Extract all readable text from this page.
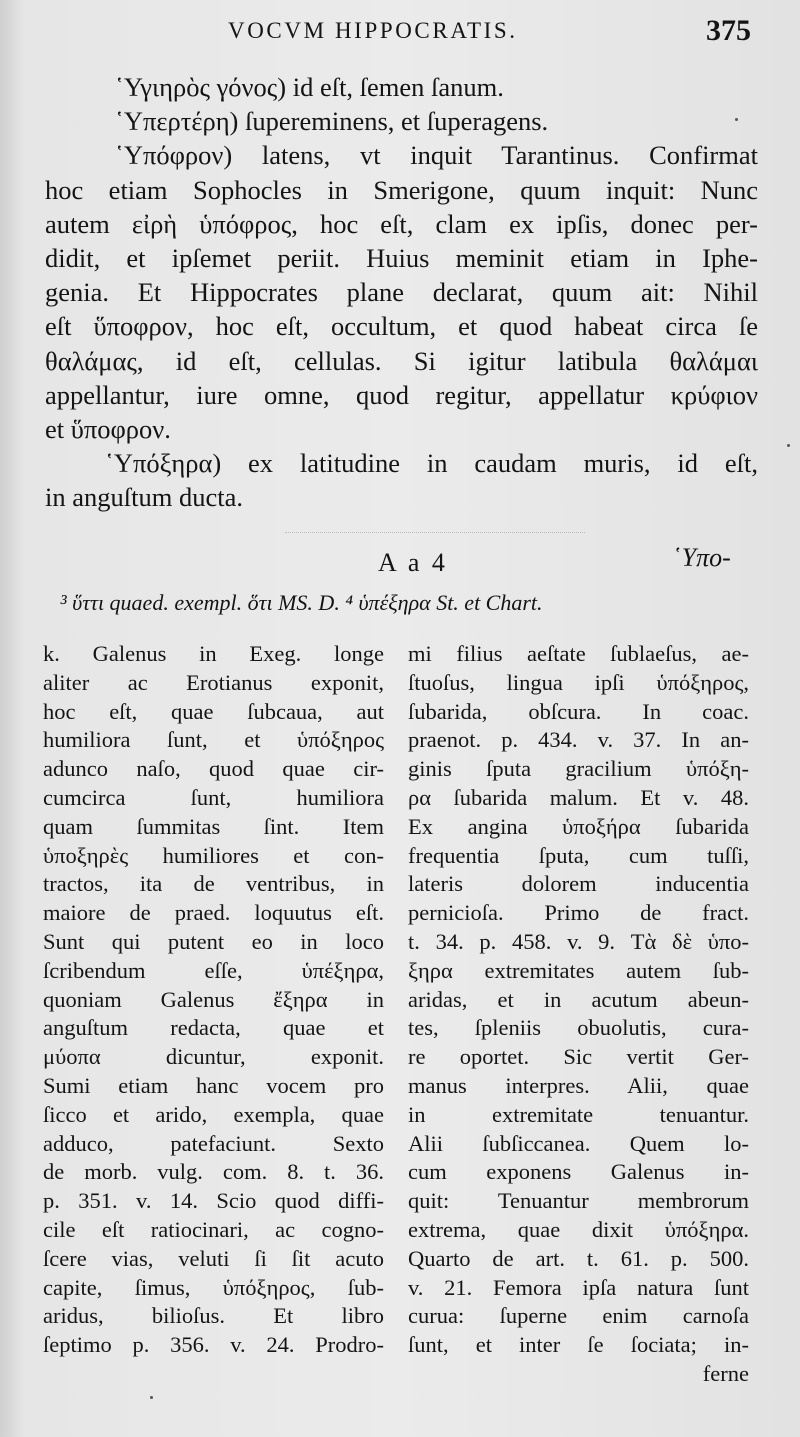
VOCVM HIPPOCRATIS.	375
῾Υγιηρὸς γόνος) id eſt, ſemen ſanum.
῾Υπερτέρη) ſupereminens, et ſuperagens.
῾Υπόφρον) latens, vt inquit Tarantinus. Confirmat
hoc etiam Sophocles in Smerigone, quum inquit: Nunc
autem εἰρὴ ὑπόφρος, hoc eſt, clam ex ipſis, donec per-
didit, et ipſemet periit. Huius meminit etiam in Iphe-
genia. Et Hippocrates plane declarat, quum ait: Nihil
eſt ὕποφρον, hoc eſt, occultum, et quod habeat circa ſe
θαλάμας, id eſt, cellulas. Si igitur latibula θαλάμαι
appellantur, iure omne, quod regitur, appellatur κρύφιον
et ὕποφρον.
῾Υπόξηρα) ex latitudine in caudam muris, id eſt,
in anguſtum ducta.
A a 4	῾Υπο-
³ ὕττι quaed. exempl. ὅτι MS. D. ⁴ ὑπέξηρα St. et Chart.
k. Galenus in Exeg. longe
aliter ac Erotianus exponit,
hoc eſt, quae ſubcaua, aut
humiliora ſunt, et ὑπόξηρος
adunco naſo, quod quae cir-
cumcirca ſunt, humiliora
quam ſummitas ſint. Item
ὑποξηρὲς humiliores et con-
tractos, ita de ventribus, in
maiore de praed. loquutus eſt.
Sunt qui putent eo in loco
ſcribendum eſſe, ὑπέξηρα,
quoniam Galenus ἔξηρα in
anguſtum redacta, quae et
μύοπα dicuntur, exponit.
Sumi etiam hanc vocem pro
ſicco et arido, exempla, quae
adduco, patefaciunt. Sexto
de morb. vulg. com. 8. t. 36.
p. 351. v. 14. Scio quod diffi-
cile eſt ratiocinari, ac cogno-
ſcere vias, veluti ſi ſit acuto
capite, ſimus, ὑπόξηρος, ſub-
aridus, bilioſus. Et libro
ſeptimo p. 356. v. 24. Prodro-
mi filius aeſtate ſublaeſus, ae-
ſtuoſus, lingua ipſi ὑπόξηρος,
ſubarida, obſcura. In coac.
praenot. p. 434. v. 37. In an-
ginis ſputa gracilium ὑπόξη-
ρα ſubarida malum. Et v. 48.
Ex angina ὑποξήρα ſubarida
frequentia ſputa, cum tuſſi,
lateris dolorem inducentia
pernicioſa. Primo de fract.
t. 34. p. 458. v. 9. Τὰ δὲ ὑπο-
ξηρα extremitates autem ſub-
aridas, et in acutum abeun-
tes, ſpleniis obuolutis, cura-
re oportet. Sic vertit Ger-
manus interpres. Alii, quae
in extremitate tenuantur.
Alii ſubſiccanea. Quem lo-
cum exponens Galenus in-
quit: Tenuantur membrorum
extrema, quae dixit ὑπόξηρα.
Quarto de art. t. 61. p. 500.
v. 21. Femora ipſa natura ſunt
curua: ſuperne enim carnoſa
ſunt, et inter ſe ſociata; in-
ferne
